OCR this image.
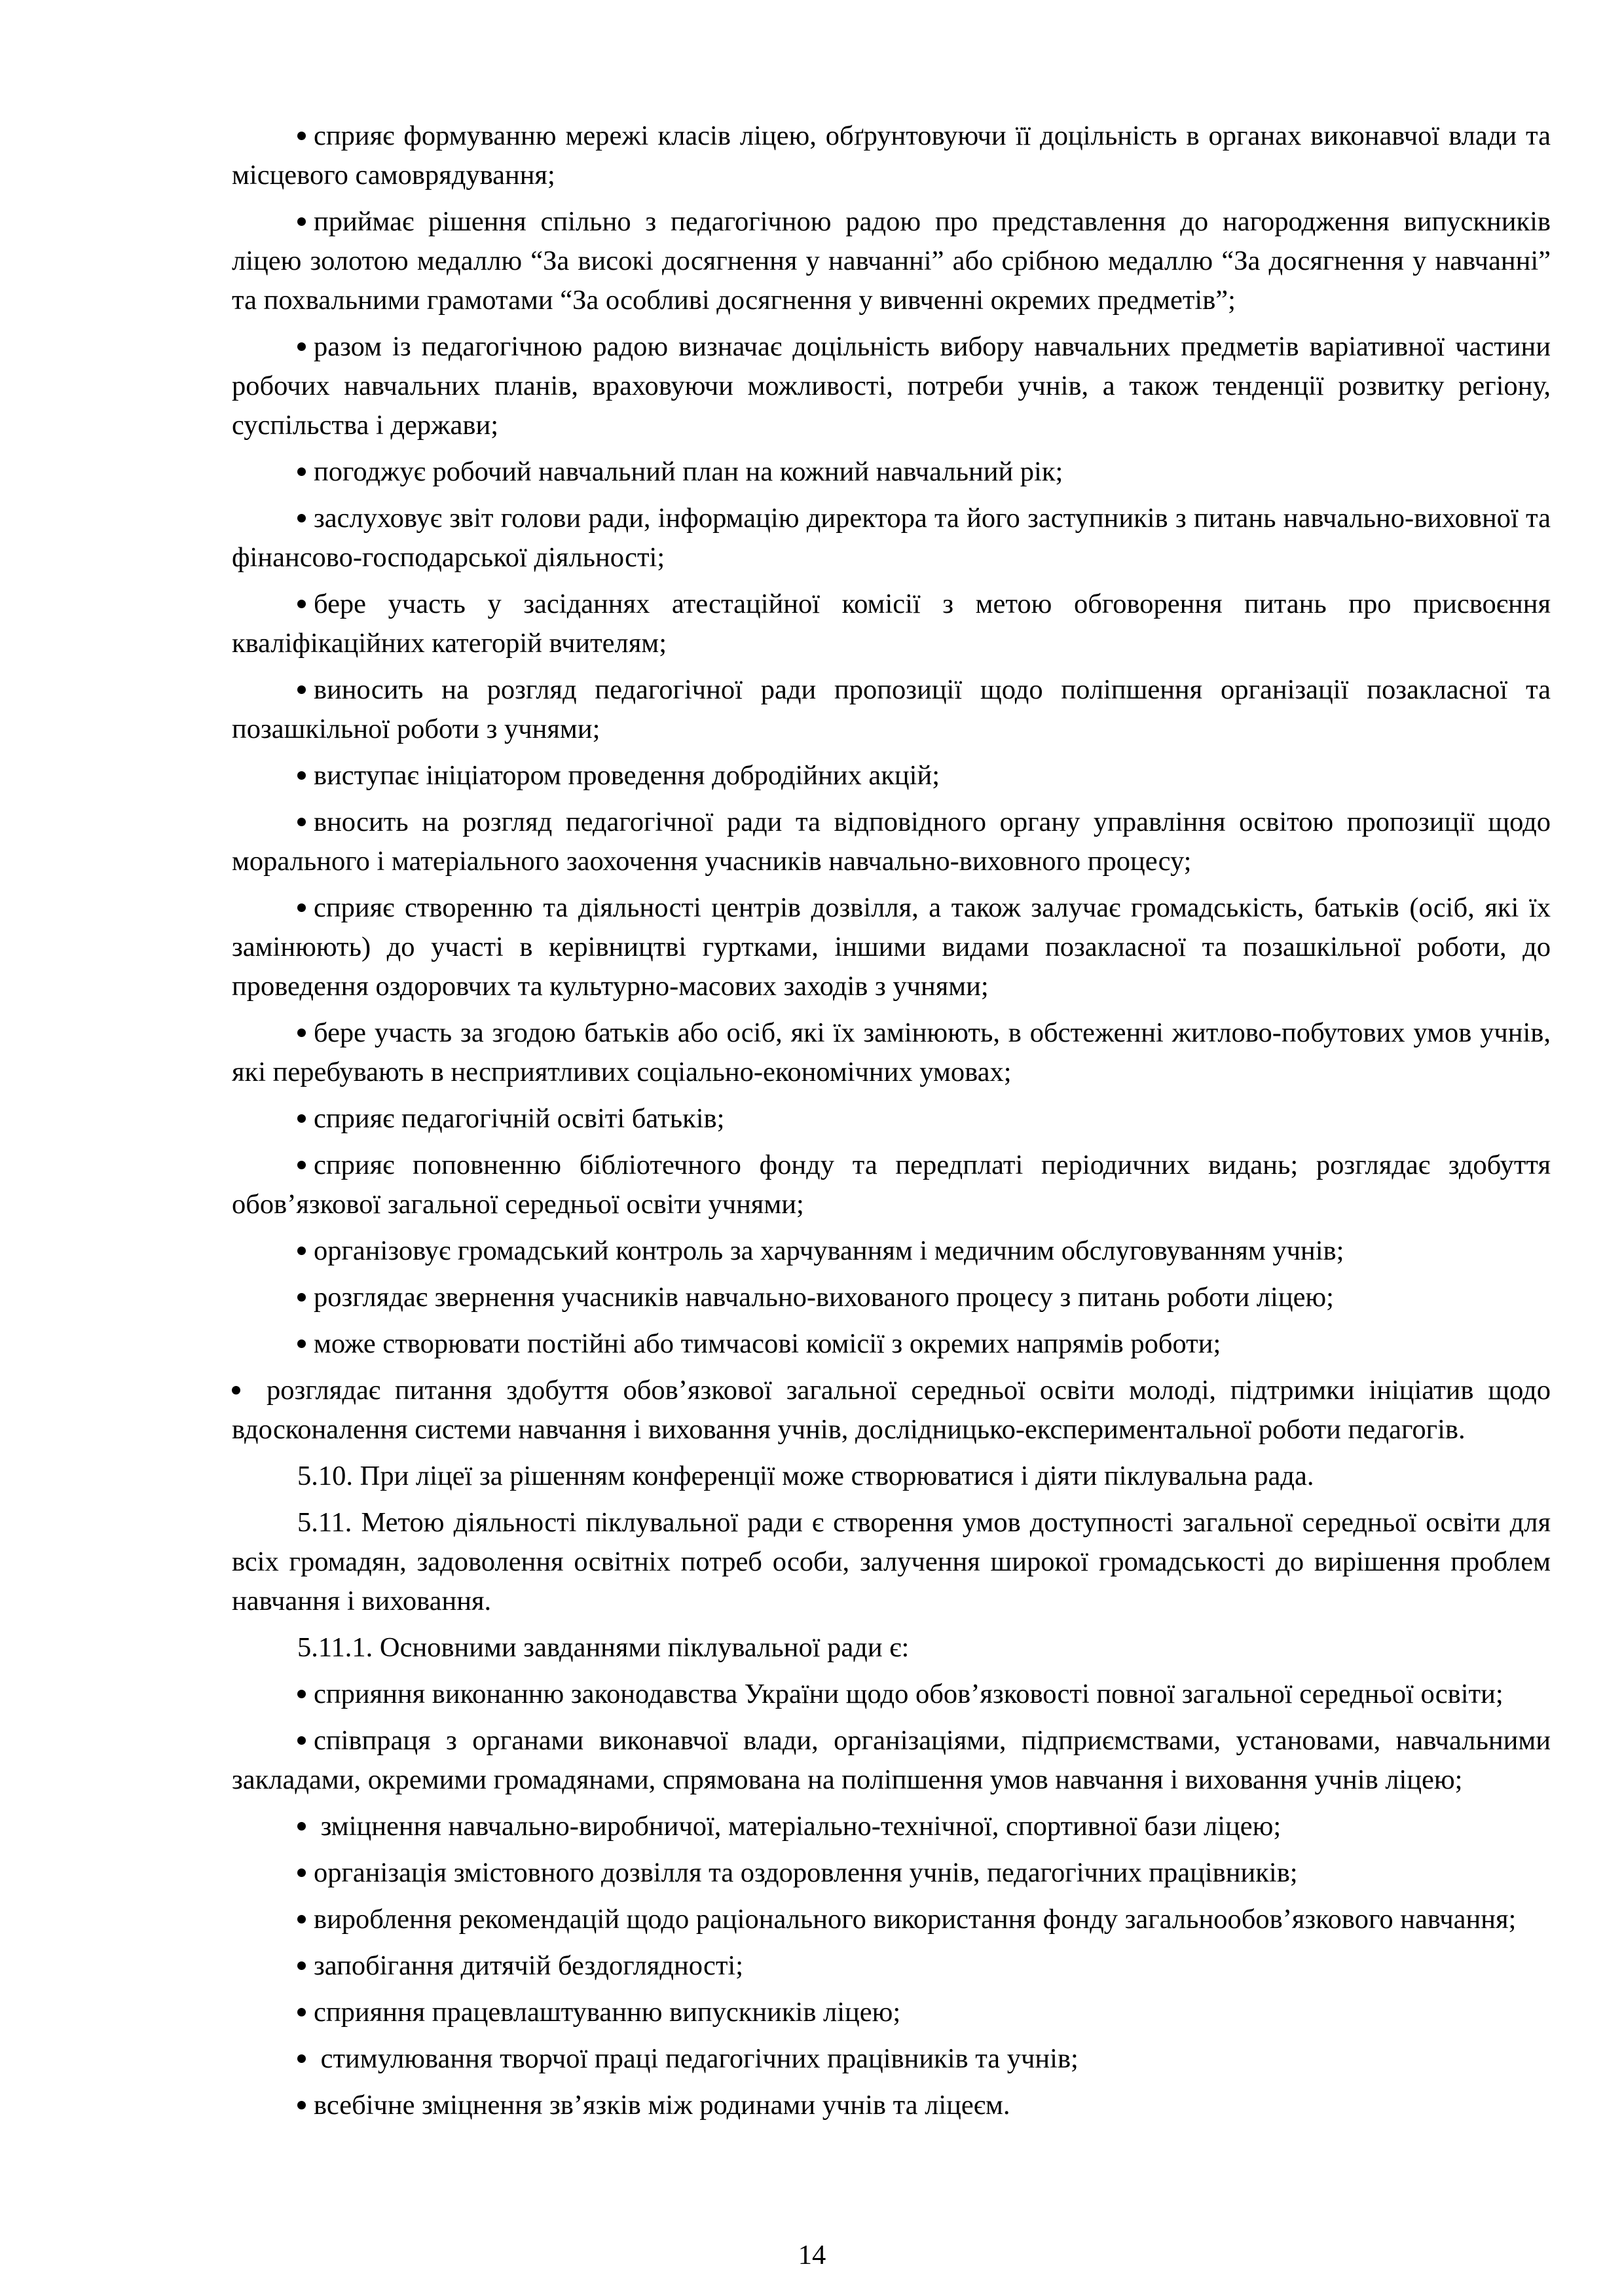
сприяє формуванню мережі класів ліцею, обґрунтовуючи її доцільність в органах виконавчої влади та місцевого самоврядування;

приймає рішення спільно з педагогічною радою про представлення до нагородження випускників ліцею золотою медаллю “За високі досягнення у навчанні” або срібною медаллю “За досягнення у навчанні” та похвальними грамотами “За особливі досягнення у вивченні окремих предметів”;

разом із педагогічною радою визначає доцільність вибору навчальних предметів варіативної частини робочих навчальних планів, враховуючи можливості, потреби учнів, а також тенденції розвитку регіону, суспільства і держави;

погоджує робочий навчальний план на кожний навчальний рік;

заслуховує звіт голови ради, інформацію директора та його заступників з питань навчально-виховної та фінансово-господарської діяльності;

бере участь у засіданнях атестаційної комісії з метою обговорення питань про присвоєння кваліфікаційних категорій вчителям;

виносить на розгляд педагогічної ради пропозиції щодо поліпшення організації позакласної та позашкільної роботи з учнями;

виступає ініціатором проведення добродійних акцій;

вносить на розгляд педагогічної ради та відповідного органу управління освітою пропозиції щодо морального і матеріального заохочення учасників навчально-виховного процесу;

сприяє створенню та діяльності центрів дозвілля, а також залучає громадськість, батьків (осіб, які їх замінюють) до участі в керівництві гуртками, іншими видами позакласної та позашкільної роботи, до проведення оздоровчих та культурно-масових заходів з учнями;

бере участь за згодою батьків або осіб, які їх замінюють, в обстеженні житлово-побутових умов учнів, які перебувають в несприятливих соціально-економічних умовах;

сприяє педагогічній освіті батьків;

сприяє поповненню бібліотечного фонду та передплаті періодичних видань; розглядає здобуття обов’язкової загальної середньої освіти учнями;

організовує громадський контроль за харчуванням і медичним обслуговуванням учнів;

розглядає звернення учасників навчально-вихованого процесу з питань роботи ліцею;

може створювати постійні або тимчасові комісії з окремих напрямів роботи;

розглядає питання здобуття обов’язкової загальної середньої освіти молоді, підтримки ініціатив щодо вдосконалення системи навчання і виховання учнів, дослідницько-експериментальної роботи педагогів.

5.10. При ліцеї за рішенням конференції може створюватися і діяти піклувальна рада.

5.11. Метою діяльності піклувальної ради є створення умов доступності загальної середньої освіти для всіх громадян, задоволення освітніх потреб особи, залучення широкої громадськості до вирішення проблем навчання і виховання.

5.11.1. Основними завданнями піклувальної ради є:

сприяння виконанню законодавства України щодо обов’язковості повної загальної середньої освіти;

співпраця з органами виконавчої влади, організаціями, підприємствами, установами, навчальними закладами, окремими громадянами, спрямована на поліпшення умов навчання і виховання учнів ліцею;

зміцнення навчально-виробничої, матеріально-технічної, спортивної бази ліцею;

організація змістовного дозвілля та оздоровлення учнів, педагогічних працівників;

вироблення рекомендацій щодо раціонального використання фонду загальнообов’язкового навчання;

запобігання дитячій бездоглядності;

сприяння працевлаштуванню випускників ліцею;

стимулювання творчої праці педагогічних працівників та учнів;

всебічне зміцнення зв’язків між родинами учнів та ліцеєм.

14
